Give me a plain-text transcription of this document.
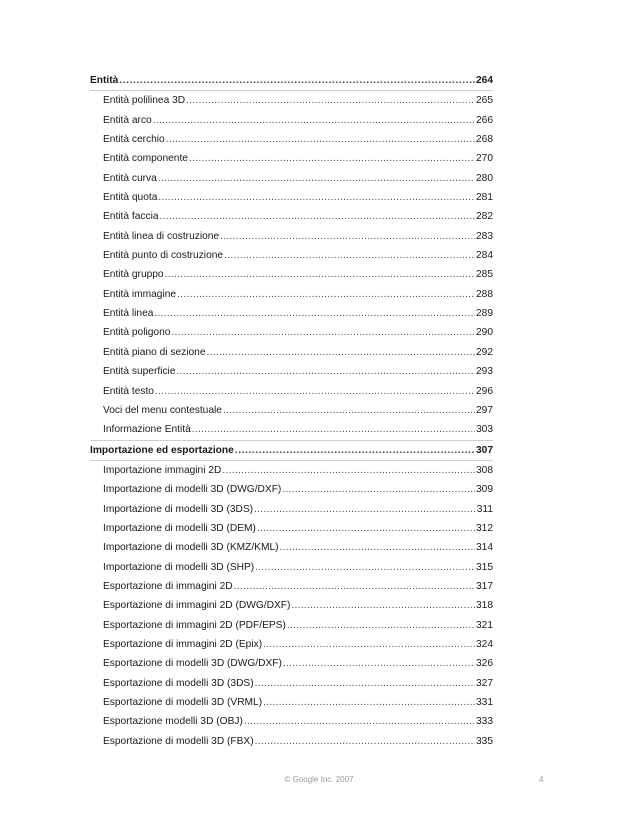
Entità .....	264
Entità polilinea 3D .....	265
Entità arco .....	266
Entità cerchio .....	268
Entità componente .....	270
Entità curva .....	280
Entità quota .....	281
Entità faccia .....	282
Entità linea di costruzione .....	283
Entità punto di costruzione .....	284
Entità gruppo .....	285
Entità immagine .....	288
Entità linea .....	289
Entità poligono .....	290
Entità piano di sezione .....	292
Entità superficie .....	293
Entità testo .....	296
Voci del menu contestuale .....	297
Informazione Entità .....	303
Importazione ed esportazione .....	307
Importazione immagini 2D .....	308
Importazione di modelli 3D (DWG/DXF) .....	309
Importazione di modelli 3D (3DS) .....	311
Importazione di modelli 3D (DEM) .....	312
Importazione di modelli 3D (KMZ/KML) .....	314
Importazione di modelli 3D (SHP) .....	315
Esportazione di immagini 2D .....	317
Esportazione di immagini 2D (DWG/DXF) .....	318
Esportazione di immagini 2D (PDF/EPS) .....	321
Esportazione di immagini 2D (Epix) .....	324
Esportazione di modelli 3D (DWG/DXF) .....	326
Esportazione di modelli 3D (3DS) .....	327
Esportazione di modelli 3D (VRML) .....	331
Esportazione modelli 3D (OBJ) .....	333
Esportazione di modelli 3D (FBX) .....	335
© Google Inc. 2007	4
